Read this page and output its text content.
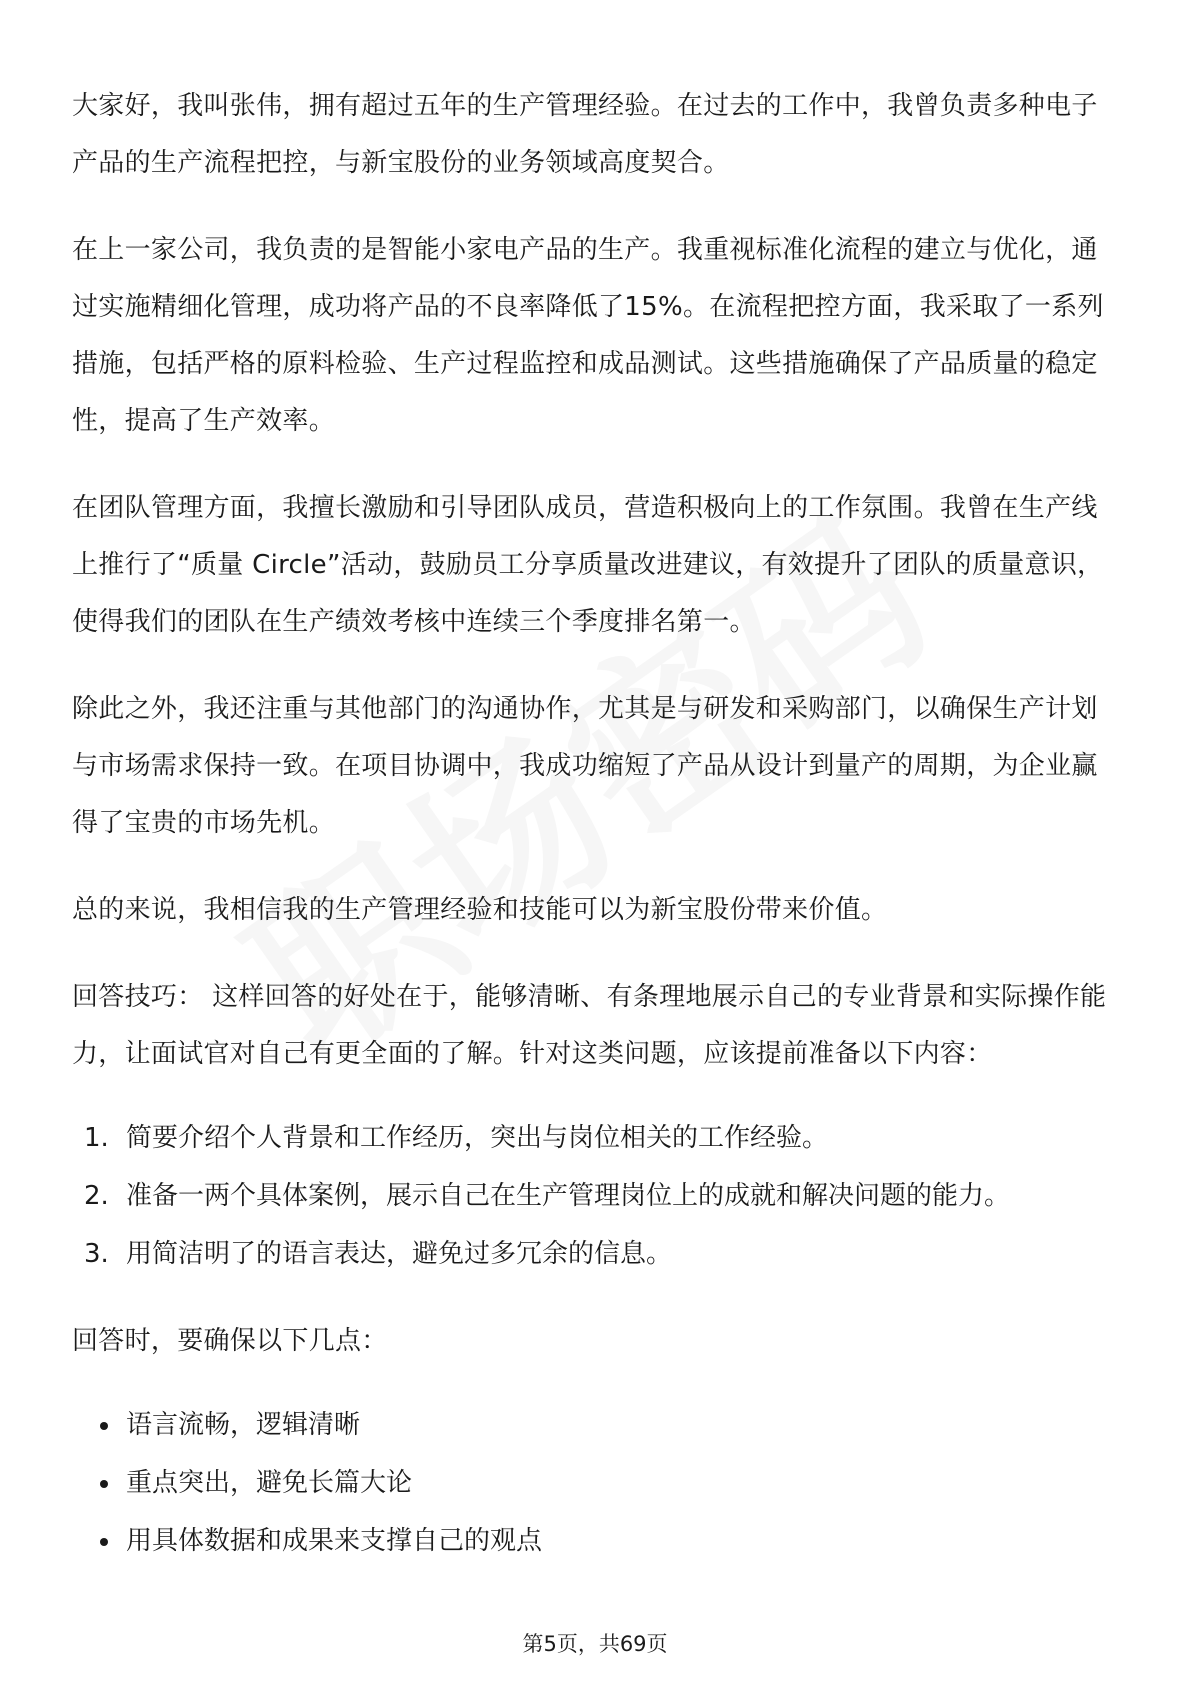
大家好，我叫张伟，拥有超过五年的生产管理经验。在过去的工作中，我曾负责多种电子产品的生产流程把控，与新宝股份的业务领域高度契合。

在上一家公司，我负责的是智能小家电产品的生产。我重视标准化流程的建立与优化，通过实施精细化管理，成功将产品的不良率降低了15%。在流程把控方面，我采取了一系列措施，包括严格的原料检验、生产过程监控和成品测试。这些措施确保了产品质量的稳定性，提高了生产效率。

在团队管理方面，我擅长激励和引导团队成员，营造积极向上的工作氛围。我曾在生产线上推行了“质量 Circle”活动，鼓励员工分享质量改进建议，有效提升了团队的质量意识，使得我们的团队在生产绩效考核中连续三个季度排名第一。

除此之外，我还注重与其他部门的沟通协作，尤其是与研发和采购部门，以确保生产计划与市场需求保持一致。在项目协调中，我成功缩短了产品从设计到量产的周期，为企业赢得了宝贵的市场先机。

总的来说，我相信我的生产管理经验和技能可以为新宝股份带来价值。

回答技巧： 这样回答的好处在于，能够清晰、有条理地展示自己的专业背景和实际操作能力，让面试官对自己有更全面的了解。针对这类问题，应该提前准备以下内容：

1. 简要介绍个人背景和工作经历，突出与岗位相关的工作经验。
2. 准备一两个具体案例，展示自己在生产管理岗位上的成就和解决问题的能力。
3. 用简洁明了的语言表达，避免过多冗余的信息。

回答时，要确保以下几点：

语言流畅，逻辑清晰
重点突出，避免长篇大论
用具体数据和成果来支撑自己的观点
第5页，共69页
